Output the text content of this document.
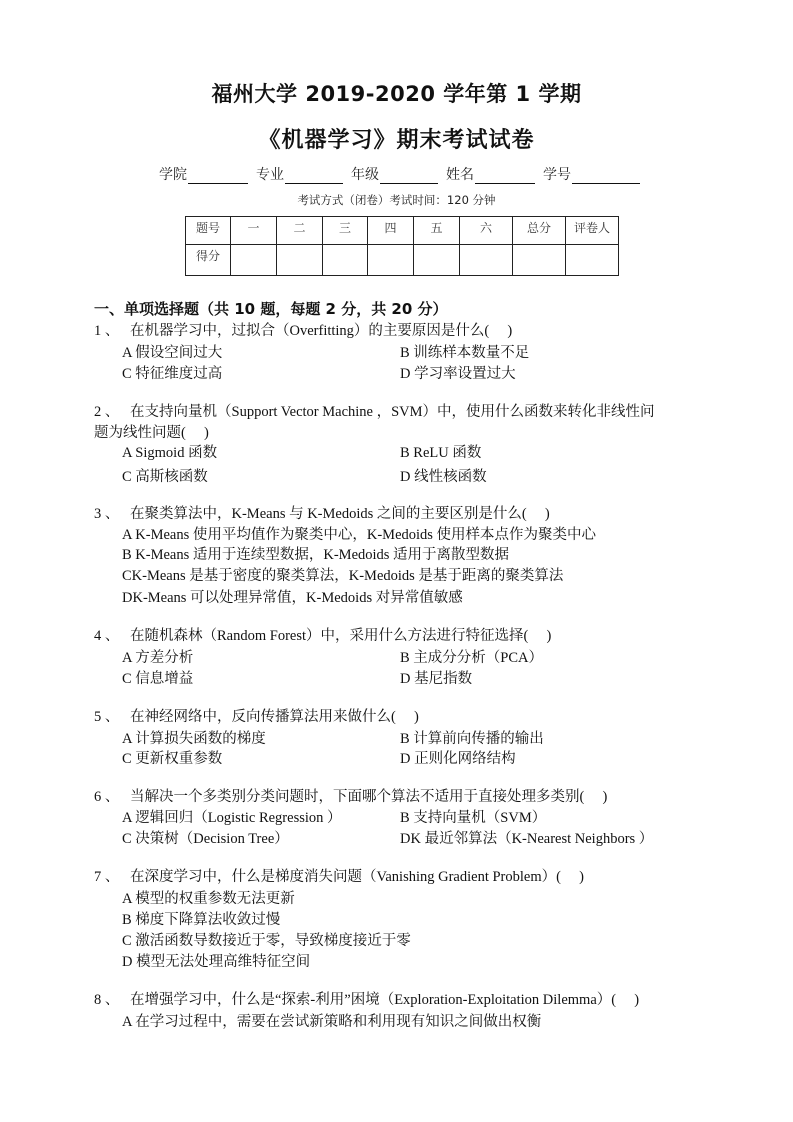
福州大学 2019-2020 学年第 1 学期
《机器学习》期末考试试卷
学院	专业	年级	姓名	学号
考试方式（闭卷）考试时间：120 分钟
题号	一	二	三	四	五	六	总分	评卷人
得分								
一、单项选择题（共 10 题，每题 2 分，共 20 分）
1 、 在机器学习中，过拟合（Overfitting）的主要原因是什么(　 )
A 假设空间过大	B 训练样本数量不足
C 特征维度过高	D 学习率设置过大
2 、 在支持向量机（Support Vector Machine ，SVM）中，使用什么函数来转化非线性问
题为线性问题(　 )
A Sigmoid 函数	B ReLU 函数
C 高斯核函数	D 线性核函数
3 、 在聚类算法中，K-Means 与 K-Medoids 之间的主要区别是什么(　 )
A K-Means 使用平均值作为聚类中心，K-Medoids 使用样本点作为聚类中心
B K-Means 适用于连续型数据，K-Medoids 适用于离散型数据
CK-Means 是基于密度的聚类算法，K-Medoids 是基于距离的聚类算法
DK-Means 可以处理异常值，K-Medoids 对异常值敏感
4 、 在随机森林（Random Forest）中，采用什么方法进行特征选择(　 )
A 方差分析	B 主成分分析（PCA）
C 信息增益	D 基尼指数
5 、 在神经网络中，反向传播算法用来做什么(　 )
A 计算损失函数的梯度	B 计算前向传播的输出
C 更新权重参数	D 正则化网络结构
6 、 当解决一个多类别分类问题时，下面哪个算法不适用于直接处理多类别(　 )
A 逻辑回归（Logistic Regression ）	B 支持向量机（SVM）
C 决策树（Decision Tree）	DK 最近邻算法（K-Nearest Neighbors ）
7 、 在深度学习中，什么是梯度消失问题（Vanishing Gradient Problem）(　 )
A 模型的权重参数无法更新
B 梯度下降算法收敛过慢
C 激活函数导数接近于零，导致梯度接近于零
D 模型无法处理高维特征空间
8 、 在增强学习中，什么是“探索-利用”困境（Exploration-Exploitation Dilemma）(　 )
A 在学习过程中，需要在尝试新策略和利用现有知识之间做出权衡
